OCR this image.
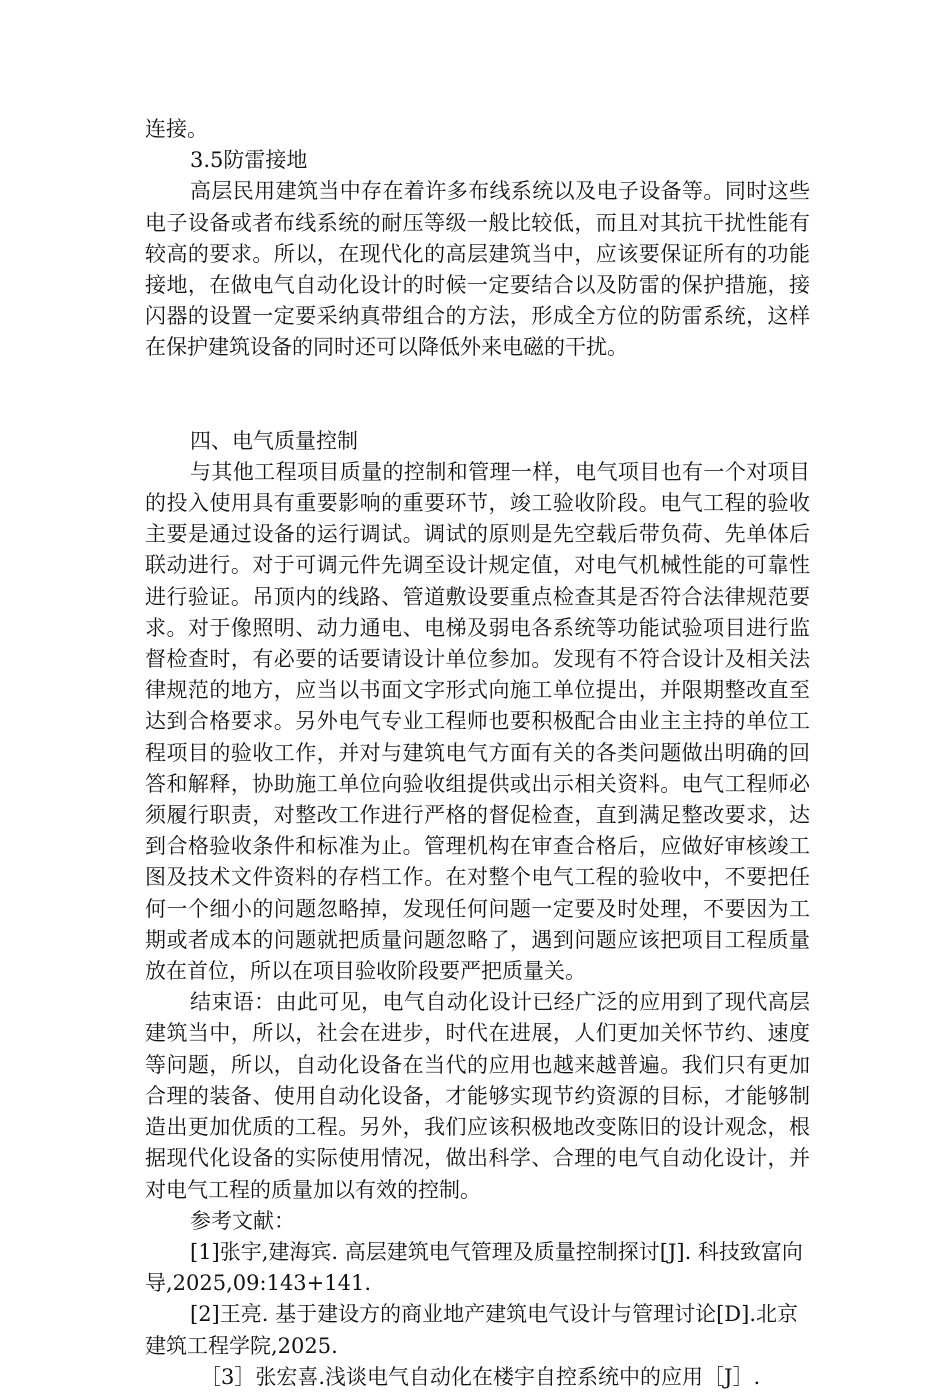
连接。

3.5防雷接地

高层民用建筑当中存在着许多布线系统以及电子设备等。同时这些电子设备或者布线系统的耐压等级一般比较低，而且对其抗干扰性能有较高的要求。所以，在现代化的高层建筑当中，应该要保证所有的功能接地，在做电气自动化设计的时候一定要结合以及防雷的保护措施，接闪器的设置一定要采纳真带组合的方法，形成全方位的防雷系统，这样在保护建筑设备的同时还可以降低外来电磁的干扰。

四、电气质量控制

与其他工程项目质量的控制和管理一样，电气项目也有一个对项目的投入使用具有重要影响的重要环节，竣工验收阶段。电气工程的验收主要是通过设备的运行调试。调试的原则是先空载后带负荷、先单体后联动进行。对于可调元件先调至设计规定值，对电气机械性能的可靠性进行验证。吊顶内的线路、管道敷设要重点检查其是否符合法律规范要求。对于像照明、动力通电、电梯及弱电各系统等功能试验项目进行监督检查时，有必要的话要请设计单位参加。发现有不符合设计及相关法律规范的地方，应当以书面文字形式向施工单位提出，并限期整改直至达到合格要求。另外电气专业工程师也要积极配合由业主主持的单位工程项目的验收工作，并对与建筑电气方面有关的各类问题做出明确的回答和解释，协助施工单位向验收组提供或出示相关资料。电气工程师必须履行职责，对整改工作进行严格的督促检查，直到满足整改要求，达到合格验收条件和标准为止。管理机构在审查合格后，应做好审核竣工图及技术文件资料的存档工作。在对整个电气工程的验收中，不要把任何一个细小的问题忽略掉，发现任何问题一定要及时处理，不要因为工期或者成本的问题就把质量问题忽略了，遇到问题应该把项目工程质量放在首位，所以在项目验收阶段要严把质量关。

结束语：由此可见，电气自动化设计已经广泛的应用到了现代高层建筑当中，所以，社会在进步，时代在进展，人们更加关怀节约、速度等问题，所以，自动化设备在当代的应用也越来越普遍。我们只有更加合理的装备、使用自动化设备，才能够实现节约资源的目标，才能够制造出更加优质的工程。另外，我们应该积极地改变陈旧的设计观念，根据现代化设备的实际使用情况，做出科学、合理的电气自动化设计，并对电气工程的质量加以有效的控制。

参考文献：

[1]张宇,建海宾. 高层建筑电气管理及质量控制探讨[J]. 科技致富向导,2025,09:143+141.

[2]王亮. 基于建设方的商业地产建筑电气设计与管理讨论[D].北京建筑工程学院,2025.

［3］张宏喜.浅谈电气自动化在楼宇自控系统中的应用［J］.
